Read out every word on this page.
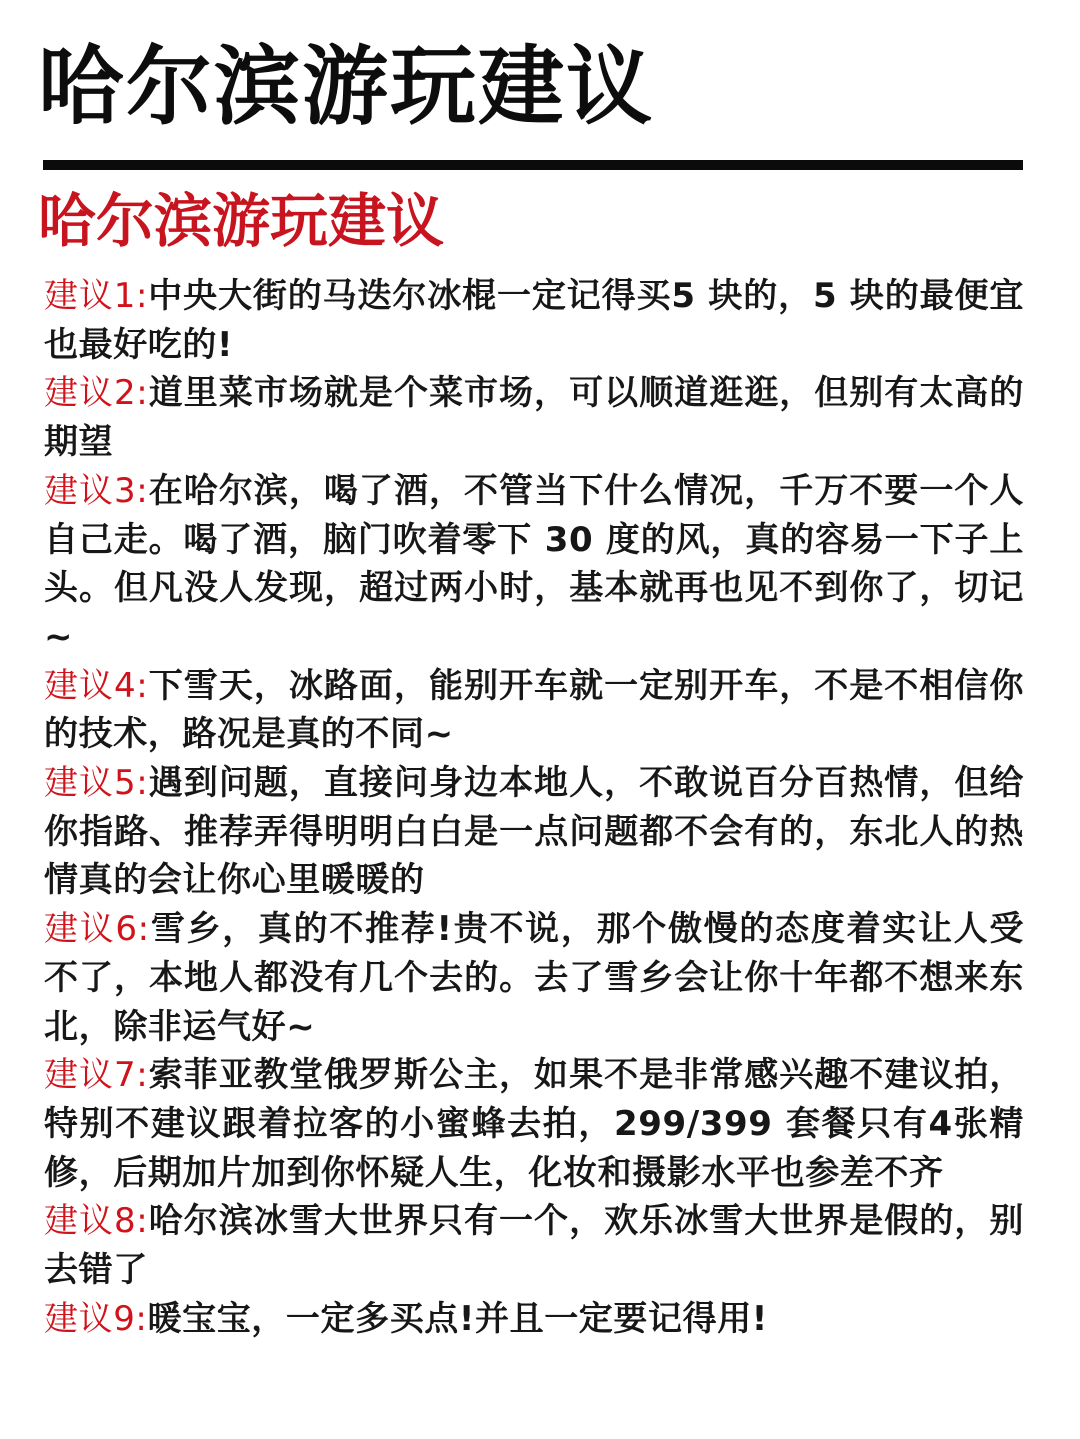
哈尔滨游玩建议
哈尔滨游玩建议

建议1:中央大街的马迭尔冰棍一定记得买5 块的，5 块的最便宜也最好吃的!

建议2:道里菜市场就是个菜市场，可以顺道逛逛，但别有太高的期望

建议3:在哈尔滨，喝了酒，不管当下什么情况，千万不要一个人自己走。喝了酒，脑门吹着零下 30 度的风，真的容易一下子上头。但凡没人发现，超过两小时，基本就再也见不到你了，切记~

建议4:下雪天，冰路面，能别开车就一定别开车，不是不相信你的技术，路况是真的不同~

建议5:遇到问题，直接问身边本地人，不敢说百分百热情，但给你指路、推荐弄得明明白白是一点问题都不会有的，东北人的热情真的会让你心里暖暖的

建议6:雪乡，真的不推荐!贵不说，那个傲慢的态度着实让人受不了，本地人都没有几个去的。去了雪乡会让你十年都不想来东北，除非运气好~

建议7:索菲亚教堂俄罗斯公主，如果不是非常感兴趣不建议拍，特别不建议跟着拉客的小蜜蜂去拍，299/399 套餐只有4张精修，后期加片加到你怀疑人生，化妆和摄影水平也参差不齐

建议8:哈尔滨冰雪大世界只有一个，欢乐冰雪大世界是假的，别去错了

建议9:暖宝宝，一定多买点!并且一定要记得用!
